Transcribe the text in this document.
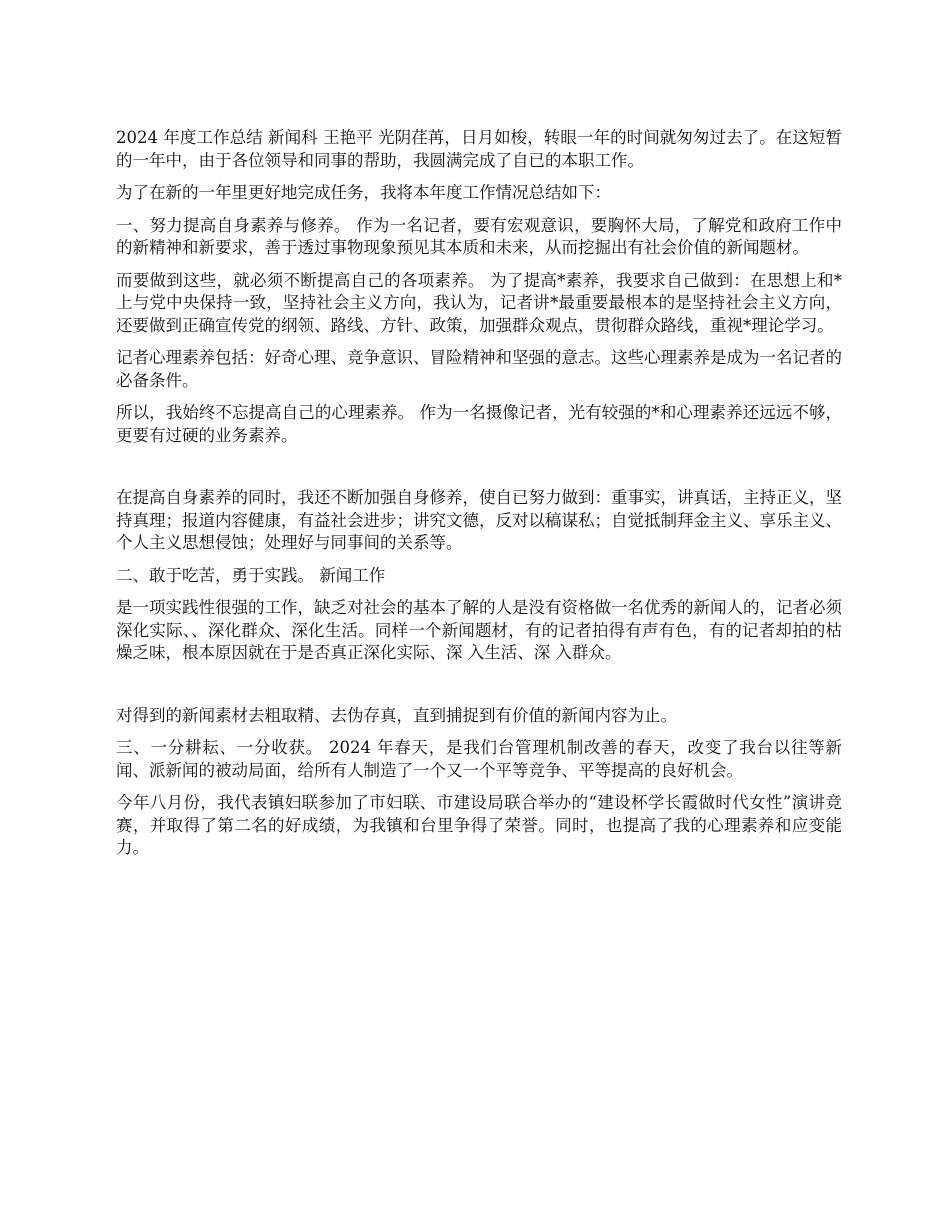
2024 年度工作总结 新闻科 王艳平 光阴荏苒，日月如梭，转眼一年的时间就匆匆过去了。在这短暂的一年中，由于各位领导和同事的帮助，我圆满完成了自已的本职工作。

为了在新的一年里更好地完成任务，我将本年度工作情况总结如下：

一、努力提高自身素养与修养。 作为一名记者，要有宏观意识，要胸怀大局，了解党和政府工作中的新精神和新要求，善于透过事物现象预见其本质和未来，从而挖掘出有社会价值的新闻题材。

而要做到这些，就必须不断提高自己的各项素养。 为了提高*素养，我要求自己做到：在思想上和*上与党中央保持一致，坚持社会主义方向，我认为，记者讲*最重要最根本的是坚持社会主义方向，还要做到正确宣传党的纲领、路线、方针、政策，加强群众观点，贯彻群众路线，重视*理论学习。

记者心理素养包括：好奇心理、竞争意识、冒险精神和坚强的意志。这些心理素养是成为一名记者的必备条件。

所以，我始终不忘提高自己的心理素养。 作为一名摄像记者，光有较强的*和心理素养还远远不够，更要有过硬的业务素养。

在提高自身素养的同时，我还不断加强自身修养，使自已努力做到：重事实，讲真话，主持正义，坚持真理；报道内容健康，有益社会进步；讲究文德，反对以稿谋私；自觉抵制拜金主义、享乐主义、个人主义思想侵蚀；处理好与同事间的关系等。

二、敢于吃苦，勇于实践。 新闻工作

是一项实践性很强的工作，缺乏对社会的基本了解的人是没有资格做一名优秀的新闻人的，记者必须深化实际、、深化群众、深化生活。同样一个新闻题材，有的记者拍得有声有色，有的记者却拍的枯燥乏味，根本原因就在于是否真正深化实际、深 入生活、深 入群众。

对得到的新闻素材去粗取精、去伪存真，直到捕捉到有价值的新闻内容为止。

三、一分耕耘、一分收获。 2024 年春天，是我们台管理机制改善的春天，改变了我台以往等新闻、派新闻的被动局面，给所有人制造了一个又一个平等竞争、平等提高的良好机会。

今年八月份，我代表镇妇联参加了市妇联、市建设局联合举办的“建设杯学长霞做时代女性”演讲竞赛，并取得了第二名的好成绩，为我镇和台里争得了荣誉。同时，也提高了我的心理素养和应变能力。
